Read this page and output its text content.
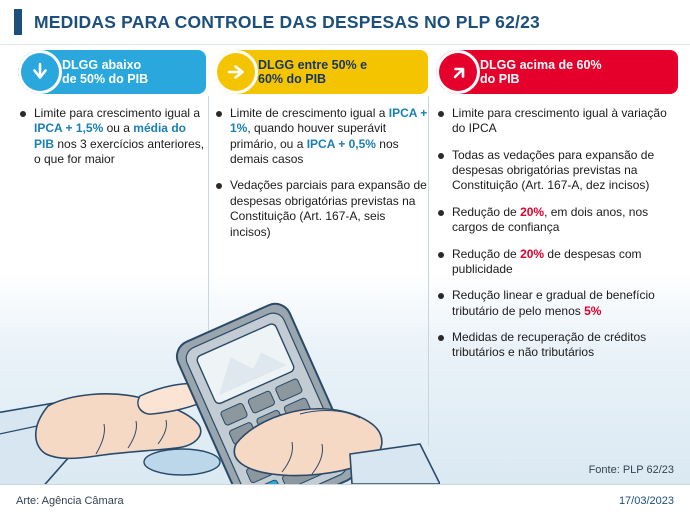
MEDIDAS PARA CONTROLE DAS DESPESAS NO PLP 62/23
DLGG abaixo
de 50% do PIB
Limite para crescimento igual a IPCA + 1,5% ou a média do PIB nos 3 exercícios anteriores, o que for maior
DLGG entre 50% e
60% do PIB
Limite de crescimento igual a IPCA + 1%, quando houver superávit primário, ou a IPCA + 0,5% nos demais casos
Vedações parciais para expansão de despesas obrigatórias previstas na Constituição (Art. 167-A, seis incisos)
DLGG acima de 60%
do PIB
Limite para crescimento igual à variação do IPCA
Todas as vedações para expansão de despesas obrigatórias previstas na Constituição (Art. 167-A, dez incisos)
Redução de 20%, em dois anos, nos cargos de confiança
Redução de 20% de despesas com publicidade
Redução linear e gradual de benefício tributário de pelo menos 5%
Medidas de recuperação de créditos tributários e não tributários
Fonte: PLP 62/23
Arte: Agência Câmara	17/03/2023
